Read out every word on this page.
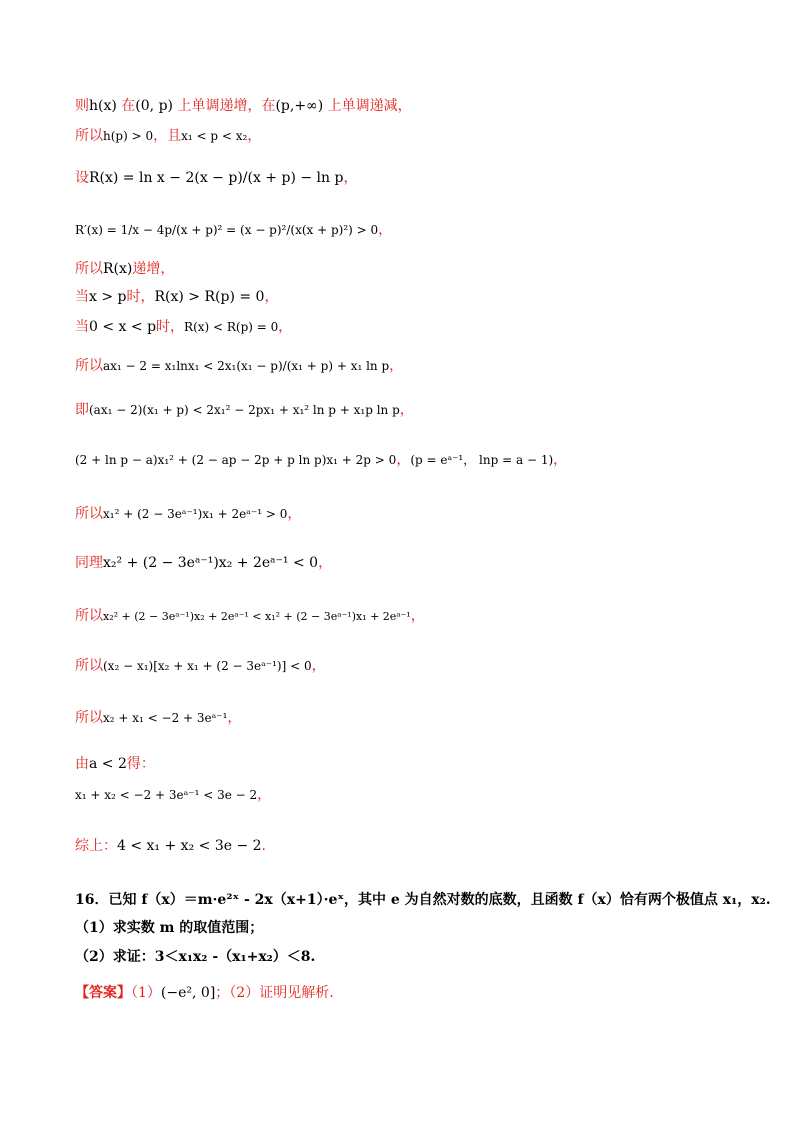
则h(x) 在(0, p) 上单调递增，在(p,+∞) 上单调递减，
所以h(p) > 0，且x₁ < p < x₂，
设R(x) = ln x − 2(x − p)/(x + p) − ln p，
R′(x) = 1/x − 4p/(x + p)² = (x − p)²/(x(x + p)²) > 0，
所以R(x)递增，
当x > p时，R(x) > R(p) = 0，
当0 < x < p时，R(x) < R(p) = 0，
所以ax₁ − 2 = x₁lnx₁ < 2x₁(x₁ − p)/(x₁ + p) + x₁ ln p，
即(ax₁ − 2)(x₁ + p) < 2x₁² − 2px₁ + x₁² ln p + x₁p ln p，
(2 + ln p − a)x₁² + (2 − ap − 2p + p ln p)x₁ + 2p > 0，(p = eᵃ⁻¹， lnp = a − 1)，
所以x₁² + (2 − 3eᵃ⁻¹)x₁ + 2eᵃ⁻¹ > 0，
同理x₂² + (2 − 3eᵃ⁻¹)x₂ + 2eᵃ⁻¹ < 0，
所以x₂² + (2 − 3eᵃ⁻¹)x₂ + 2eᵃ⁻¹ < x₁² + (2 − 3eᵃ⁻¹)x₁ + 2eᵃ⁻¹，
所以(x₂ − x₁)[x₂ + x₁ + (2 − 3eᵃ⁻¹)] < 0，
所以x₂ + x₁ < −2 + 3eᵃ⁻¹，
由a < 2得：
x₁ + x₂ < −2 + 3eᵃ⁻¹ < 3e − 2，
综上：4 < x₁ + x₂ < 3e − 2.
16．已知 f（x）＝m·e²ˣ - 2x（x+1）·eˣ，其中 e 为自然对数的底数，且函数 f（x）恰有两个极值点 x₁，x₂.
（1）求实数 m 的取值范围；
（2）求证：3＜x₁x₂ -（x₁+x₂）＜8.
【答案】（1）(−e², 0]；（2）证明见解析.
